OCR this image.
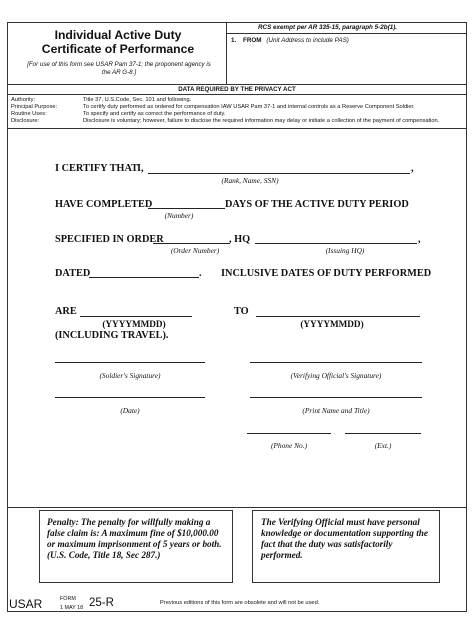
Individual Active Duty
Certificate of Performance
[For use of this form see USAR Pam 37-1; the proponent agency is the AR G-8.]
RCS exempt per AR 335-15, paragraph 5-2b(1).
1. FROM (Unit Address to include PAS)
DATA REQUIRED BY THE PRIVACY ACT
Authority:	Title 37, U.S.Code, Sec. 101 and following.
Principal Purpose:	To certify duty performed as ordered for compensation IAW USAR Pam 37-1 and internal controls as a Reserve Component Soldier.
Routine Uses:	To specify and certify as correct the performance of duty.
Disclosure:	Disclosure is voluntary; however, failure to disclose the required information may delay or initiate a collection of the payment of compensation.
I CERTIFY THAT I,	,
(Rank, Name, SSN)
HAVE COMPLETED	DAYS OF THE ACTIVE DUTY PERIOD
(Number)
SPECIFIED IN ORDER	, HQ	,
(Order Number)	(Issuing HQ)
DATED	. INCLUSIVE DATES OF DUTY PERFORMED
ARE	TO
(YYYYMMDD)	(YYYYMMDD)
(INCLUDING TRAVEL).
(Soldier's Signature)	(Verifying Official's Signature)
(Date)	(Print Name and Title)
(Phone No.)	(Ext.)
Penalty: The penalty for willfully making a false claim is: A maximum fine of $10,000.00 or maximum imprisonment of 5 years or both. (U.S. Code, Title 18, Sec 287.)
The Verifying Official must have personal knowledge or documentation supporting the fact that the duty was satisfactorily performed.
USAR	FORM 25-R
1 MAY 18
Previous editions of this form are obsolete and will not be used.
